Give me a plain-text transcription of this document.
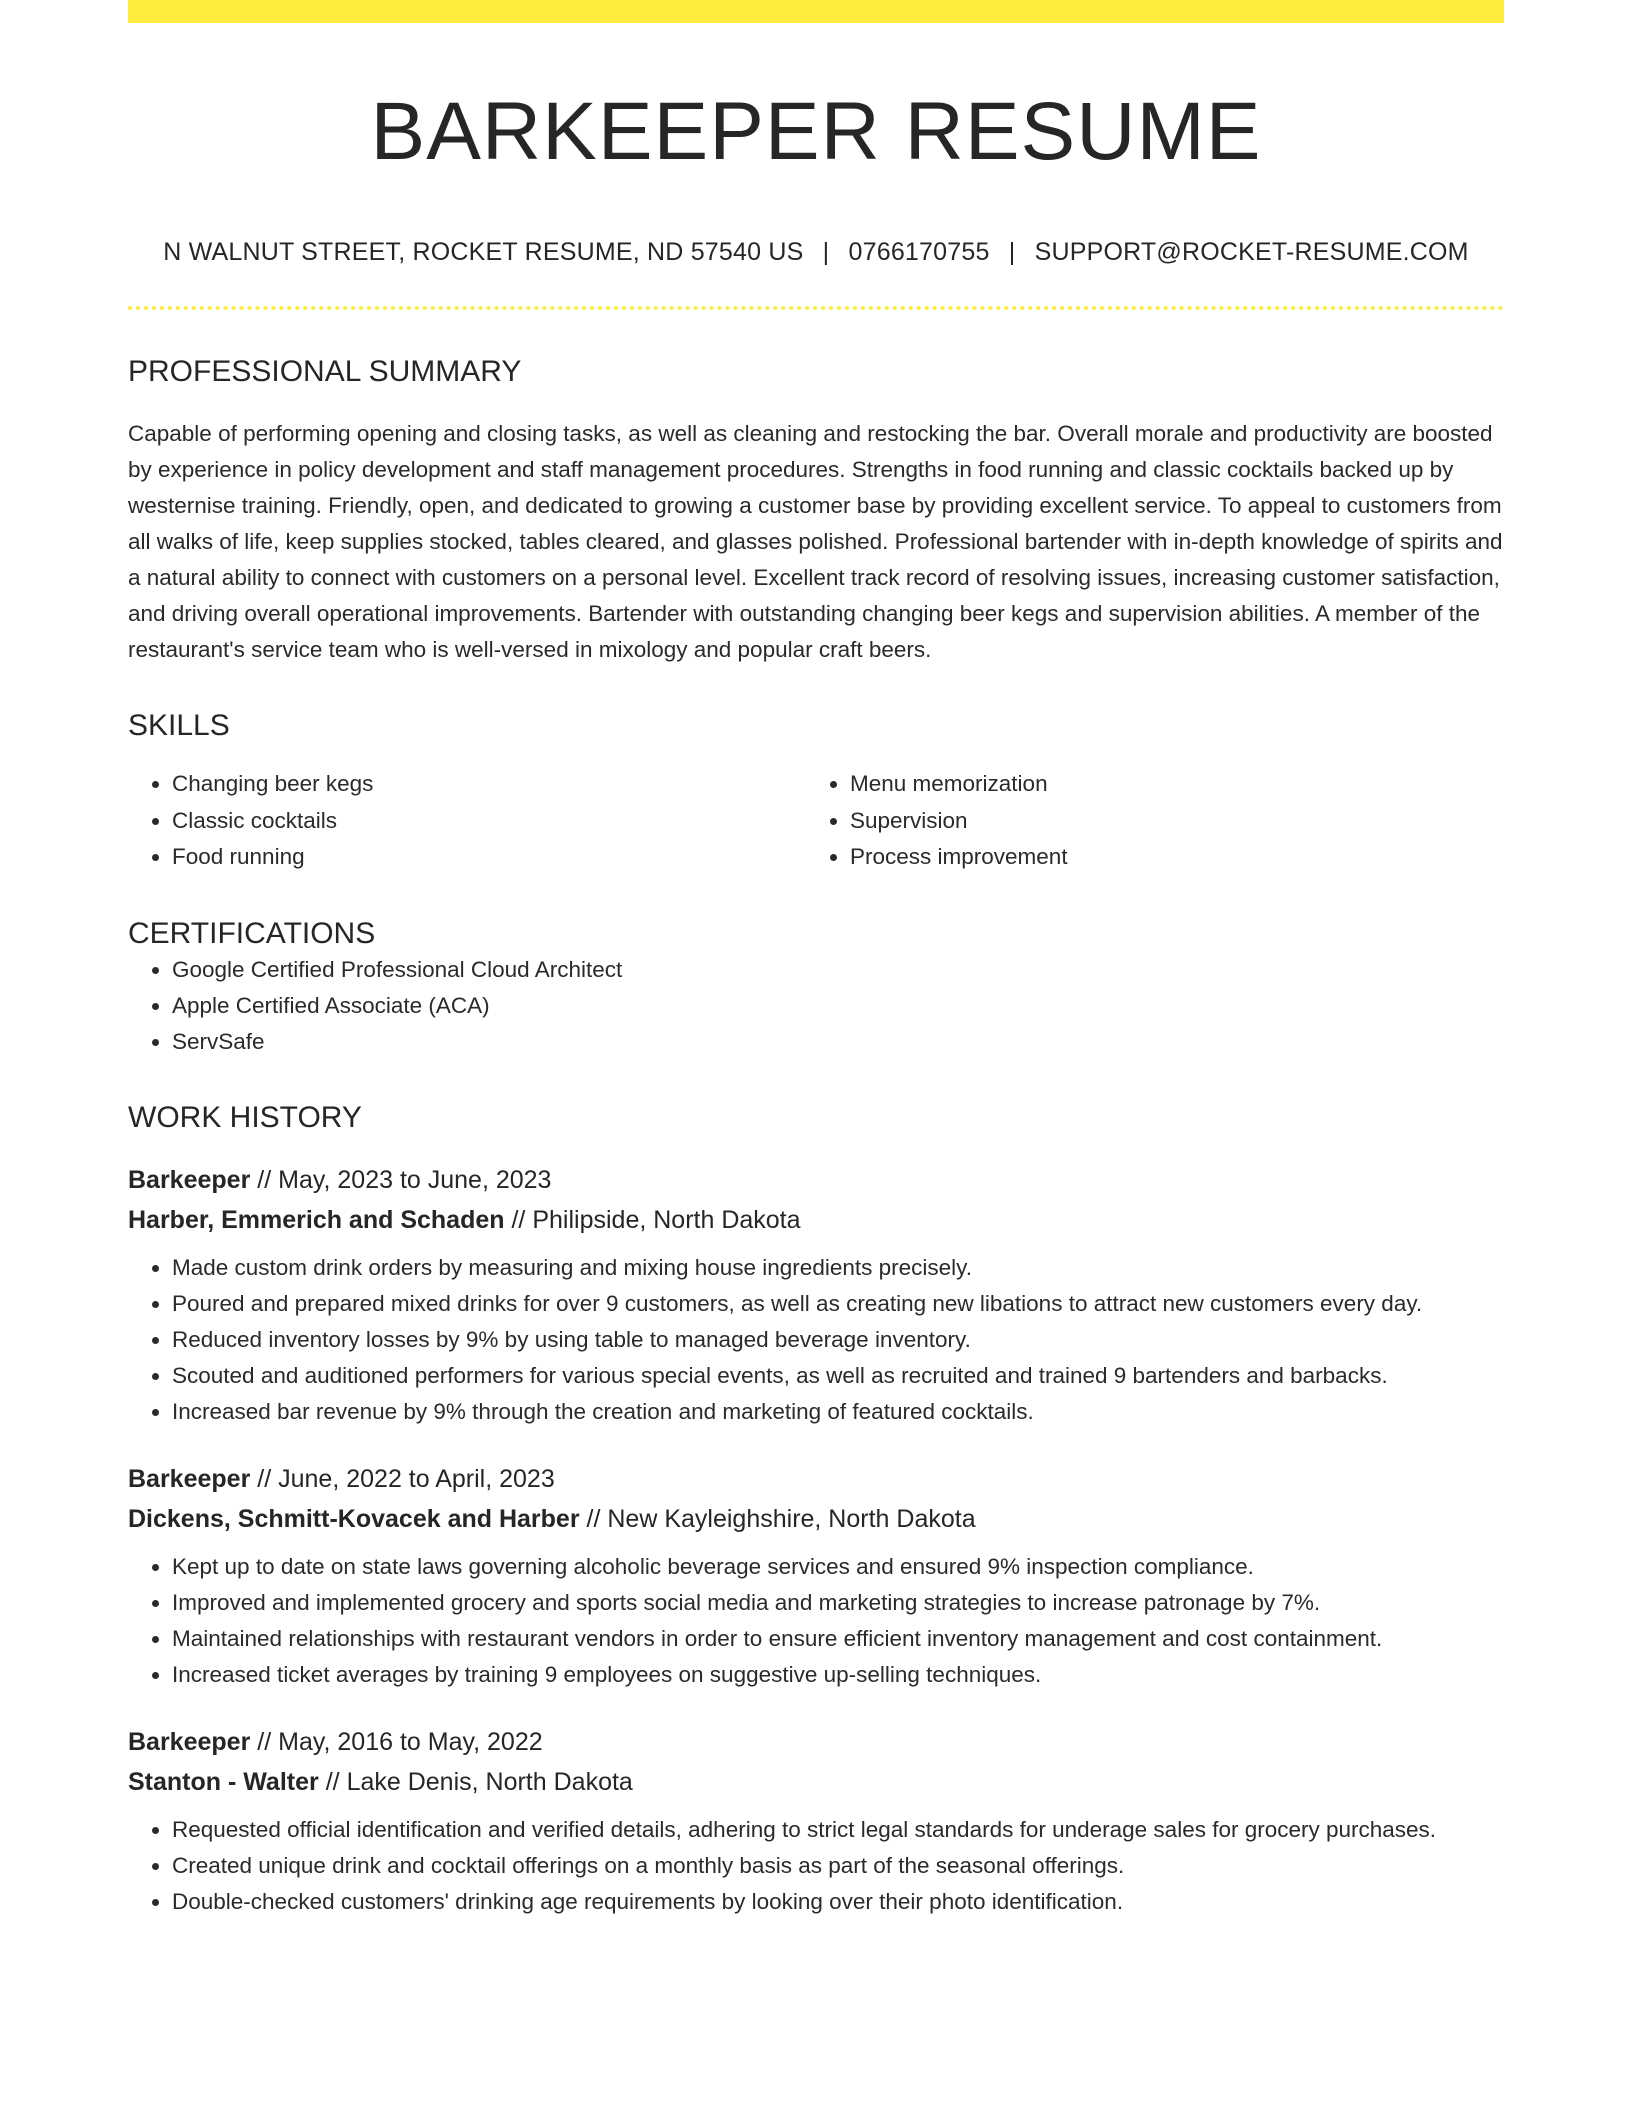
BARKEEPER RESUME
N WALNUT STREET, ROCKET RESUME, ND 57540 US | 0766170755 | SUPPORT@ROCKET-RESUME.COM
PROFESSIONAL SUMMARY

Capable of performing opening and closing tasks, as well as cleaning and restocking the bar. Overall morale and productivity are boosted by experience in policy development and staff management procedures. Strengths in food running and classic cocktails backed up by westernise training. Friendly, open, and dedicated to growing a customer base by providing excellent service. To appeal to customers from all walks of life, keep supplies stocked, tables cleared, and glasses polished. Professional bartender with in-depth knowledge of spirits and a natural ability to connect with customers on a personal level. Excellent track record of resolving issues, increasing customer satisfaction, and driving overall operational improvements. Bartender with outstanding changing beer kegs and supervision abilities. A member of the restaurant's service team who is well-versed in mixology and popular craft beers.

SKILLS
• Changing beer kegs
• Classic cocktails
• Food running
• Menu memorization
• Supervision
• Process improvement
CERTIFICATIONS
• Google Certified Professional Cloud Architect
• Apple Certified Associate (ACA)
• ServSafe
WORK HISTORY
Barkeeper // May, 2023 to June, 2023
Harber, Emmerich and Schaden // Philipside, North Dakota
• Made custom drink orders by measuring and mixing house ingredients precisely.
• Poured and prepared mixed drinks for over 9 customers, as well as creating new libations to attract new customers every day.
• Reduced inventory losses by 9% by using table to managed beverage inventory.
• Scouted and auditioned performers for various special events, as well as recruited and trained 9 bartenders and barbacks.
• Increased bar revenue by 9% through the creation and marketing of featured cocktails.
Barkeeper // June, 2022 to April, 2023
Dickens, Schmitt-Kovacek and Harber // New Kayleighshire, North Dakota
• Kept up to date on state laws governing alcoholic beverage services and ensured 9% inspection compliance.
• Improved and implemented grocery and sports social media and marketing strategies to increase patronage by 7%.
• Maintained relationships with restaurant vendors in order to ensure efficient inventory management and cost containment.
• Increased ticket averages by training 9 employees on suggestive up-selling techniques.
Barkeeper // May, 2016 to May, 2022
Stanton - Walter // Lake Denis, North Dakota
• Requested official identification and verified details, adhering to strict legal standards for underage sales for grocery purchases.
• Created unique drink and cocktail offerings on a monthly basis as part of the seasonal offerings.
• Double-checked customers' drinking age requirements by looking over their photo identification.
